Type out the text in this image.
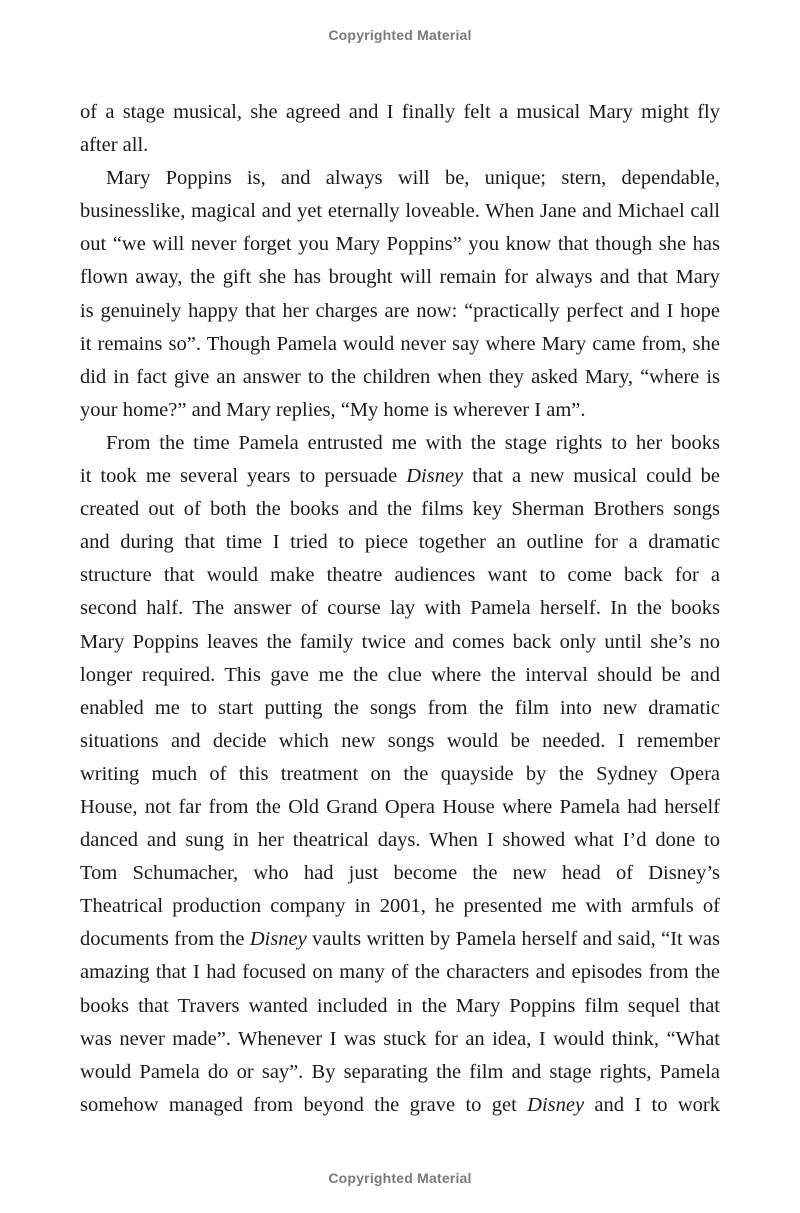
Copyrighted Material
of a stage musical, she agreed and I finally felt a musical Mary might fly
after all.
Mary Poppins is, and always will be, unique; stern, dependable,
businesslike, magical and yet eternally loveable. When Jane and Michael call
out “we will never forget you Mary Poppins” you know that though she has
flown away, the gift she has brought will remain for always and that Mary
is genuinely happy that her charges are now: “practically perfect and I hope
it remains so”. Though Pamela would never say where Mary came from, she
did in fact give an answer to the children when they asked Mary, “where is
your home?” and Mary replies, “My home is wherever I am”.
From the time Pamela entrusted me with the stage rights to her books
it took me several years to persuade Disney that a new musical could be
created out of both the books and the films key Sherman Brothers songs
and during that time I tried to piece together an outline for a dramatic
structure that would make theatre audiences want to come back for a
second half. The answer of course lay with Pamela herself. In the books
Mary Poppins leaves the family twice and comes back only until she’s no
longer required. This gave me the clue where the interval should be and
enabled me to start putting the songs from the film into new dramatic
situations and decide which new songs would be needed. I remember
writing much of this treatment on the quayside by the Sydney Opera
House, not far from the Old Grand Opera House where Pamela had herself
danced and sung in her theatrical days. When I showed what I’d done to
Tom Schumacher, who had just become the new head of Disney’s
Theatrical production company in 2001, he presented me with armfuls of
documents from the Disney vaults written by Pamela herself and said, “It was
amazing that I had focused on many of the characters and episodes from the
books that Travers wanted included in the Mary Poppins film sequel that
was never made”. Whenever I was stuck for an idea, I would think, “What
would Pamela do or say”. By separating the film and stage rights, Pamela
somehow managed from beyond the grave to get Disney and I to work
Copyrighted Material
